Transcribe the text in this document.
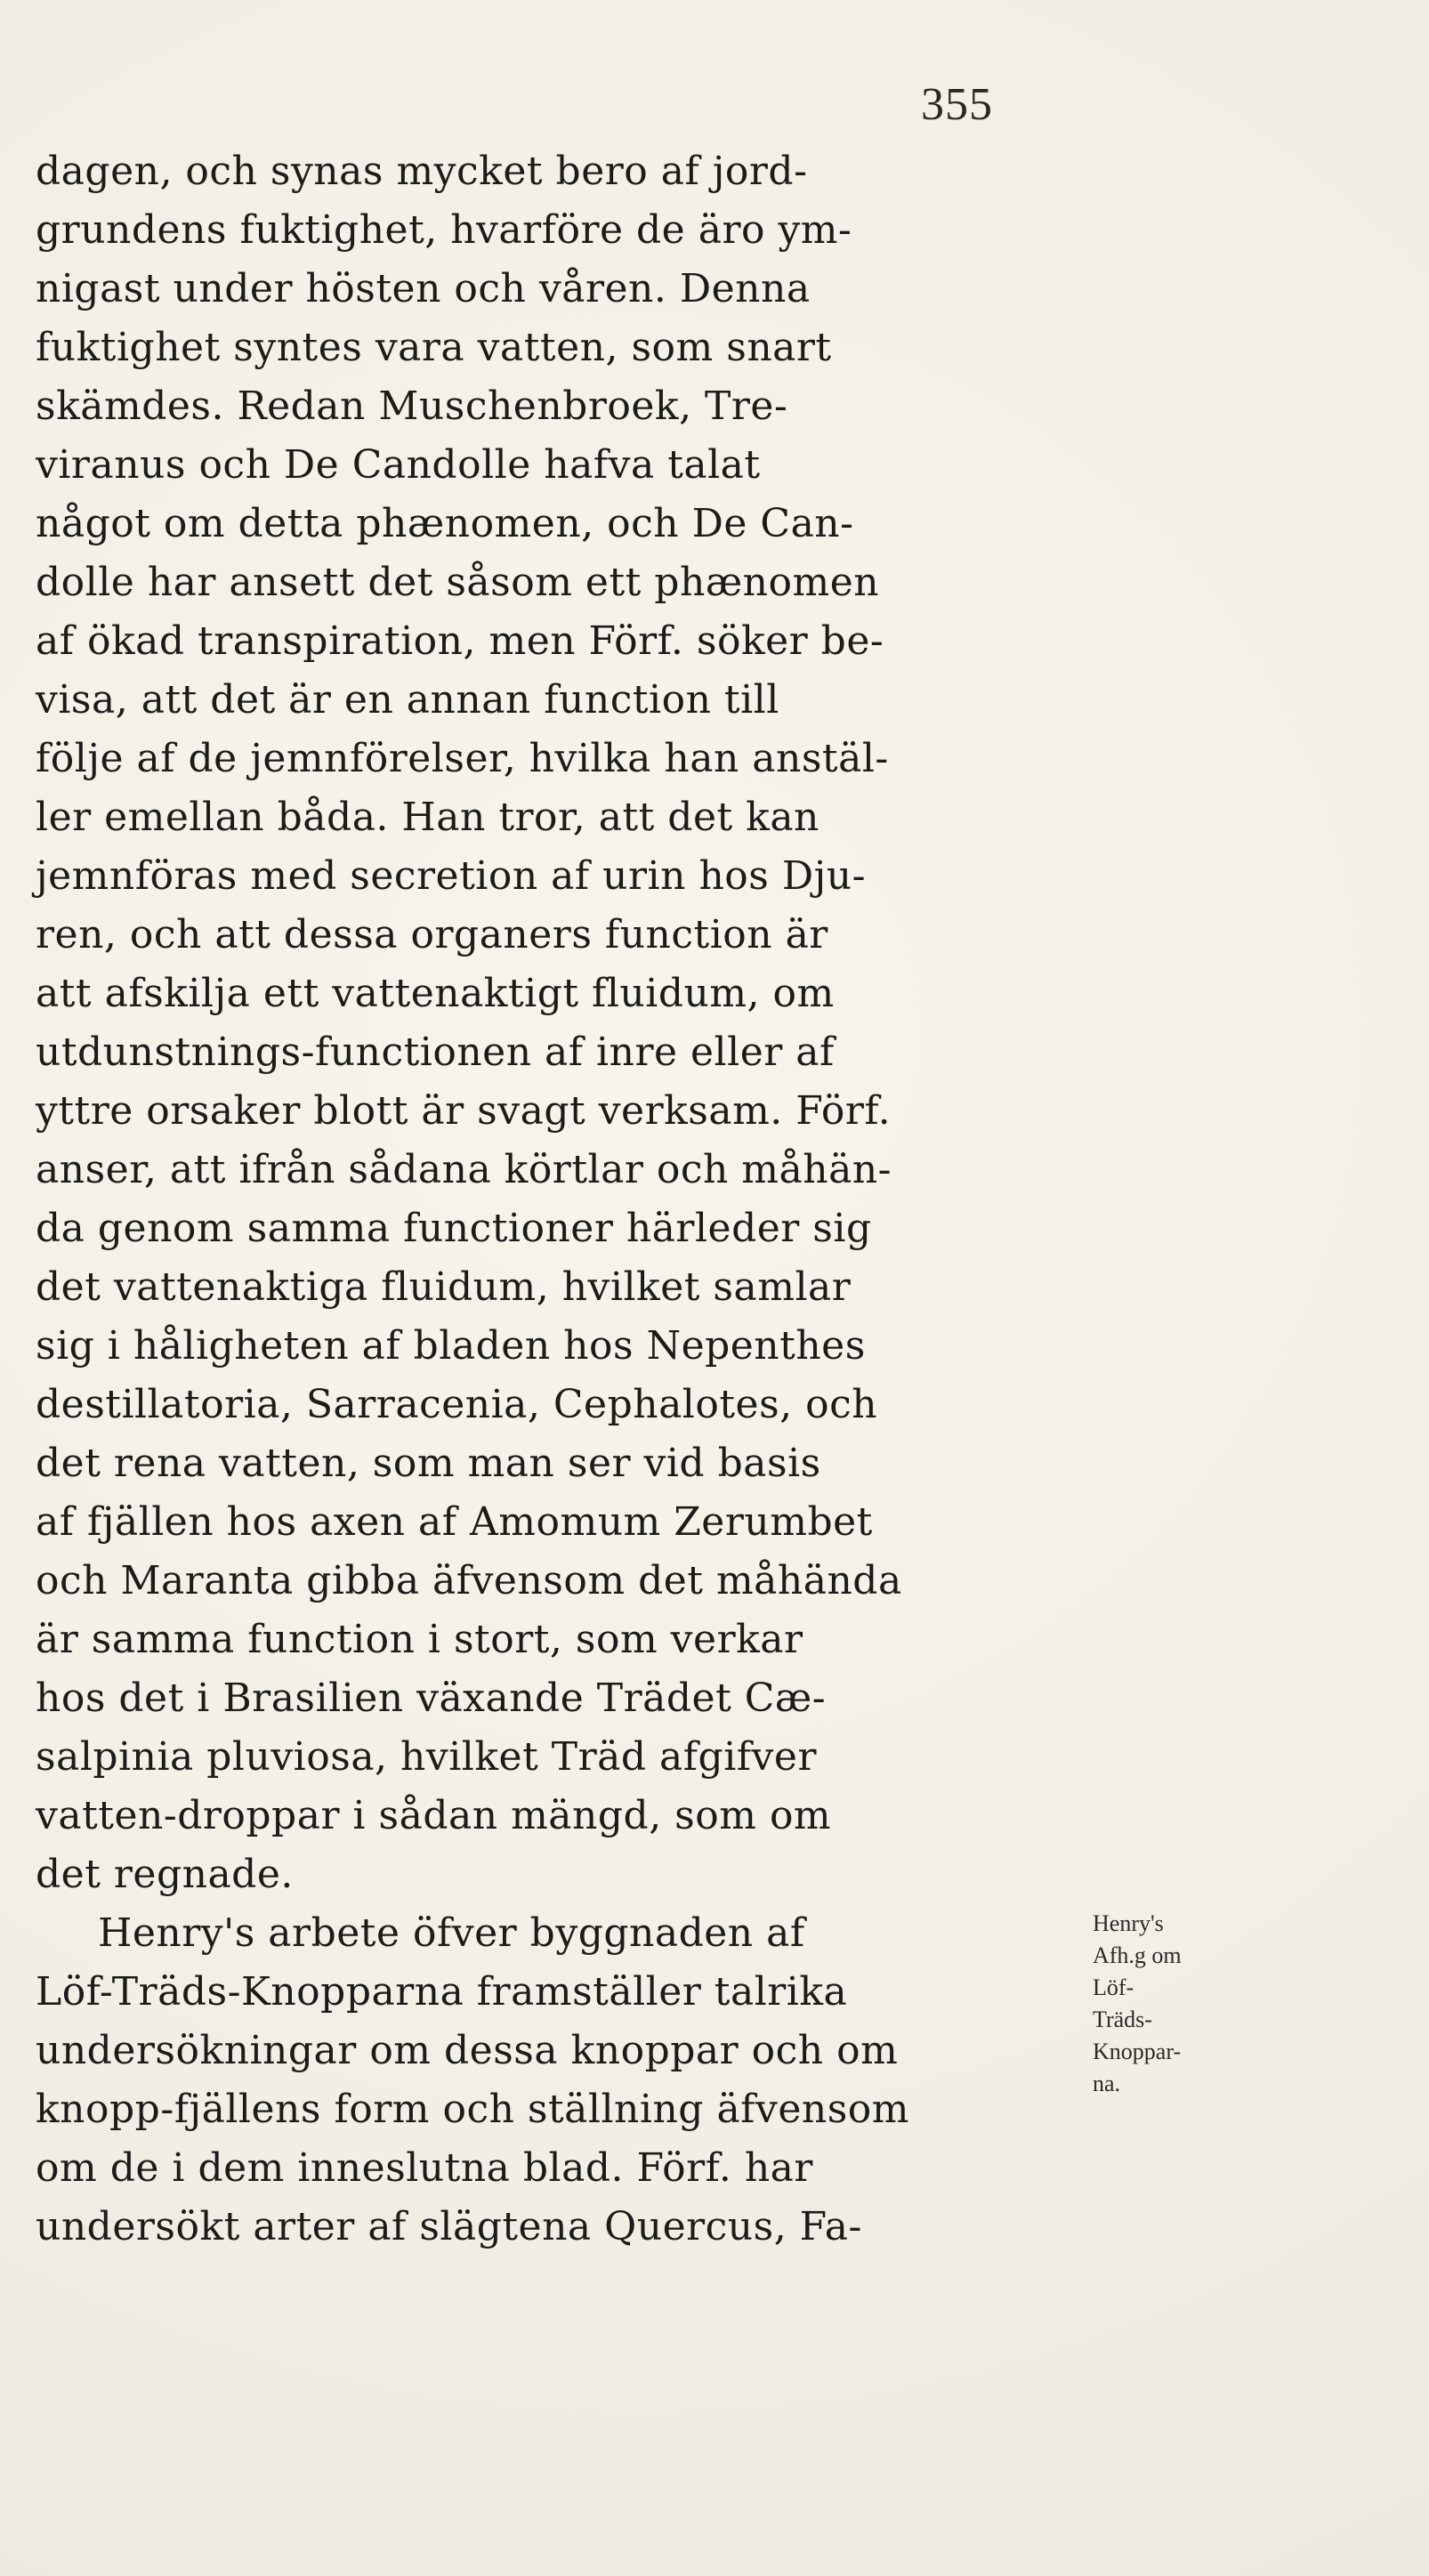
355
dagen, och synas mycket bero af jord-
grundens fuktighet, hvarföre de äro ym-
nigast under hösten och våren. Denna
fuktighet syntes vara vatten, som snart
skämdes. Redan Muschenbroek, Tre-
viranus och De Candolle hafva talat
något om detta phænomen, och De Can-
dolle har ansett det såsom ett phænomen
af ökad transpiration, men Förf. söker be-
visa, att det är en annan function till
följe af de jemnförelser, hvilka han anstäl-
ler emellan båda. Han tror, att det kan
jemnföras med secretion af urin hos Dju-
ren, och att dessa organers function är
att afskilja ett vattenaktigt fluidum, om
utdunstnings-functionen af inre eller af
yttre orsaker blott är svagt verksam. Förf.
anser, att ifrån sådana körtlar och måhän-
da genom samma functioner härleder sig
det vattenaktiga fluidum, hvilket samlar
sig i håligheten af bladen hos Nepenthes
destillatoria, Sarracenia, Cephalotes, och
det rena vatten, som man ser vid basis
af fjällen hos axen af Amomum Zerumbet
och Maranta gibba äfvensom det måhända
är samma function i stort, som verkar
hos det i Brasilien växande Trädet Cæ-
salpinia pluviosa, hvilket Träd afgifver
vatten-droppar i sådan mängd, som om
det regnade.
Henry's arbete öfver byggnaden af
Löf-Träds-Knopparna framställer talrika
undersökningar om dessa knoppar och om
knopp-fjällens form och ställning äfvensom
om de i dem inneslutna blad. Förf. har
undersökt arter af slägtena Quercus, Fa-
Henry's
Afh.g om
Löf-
Träds-
Knoppar-
na.
